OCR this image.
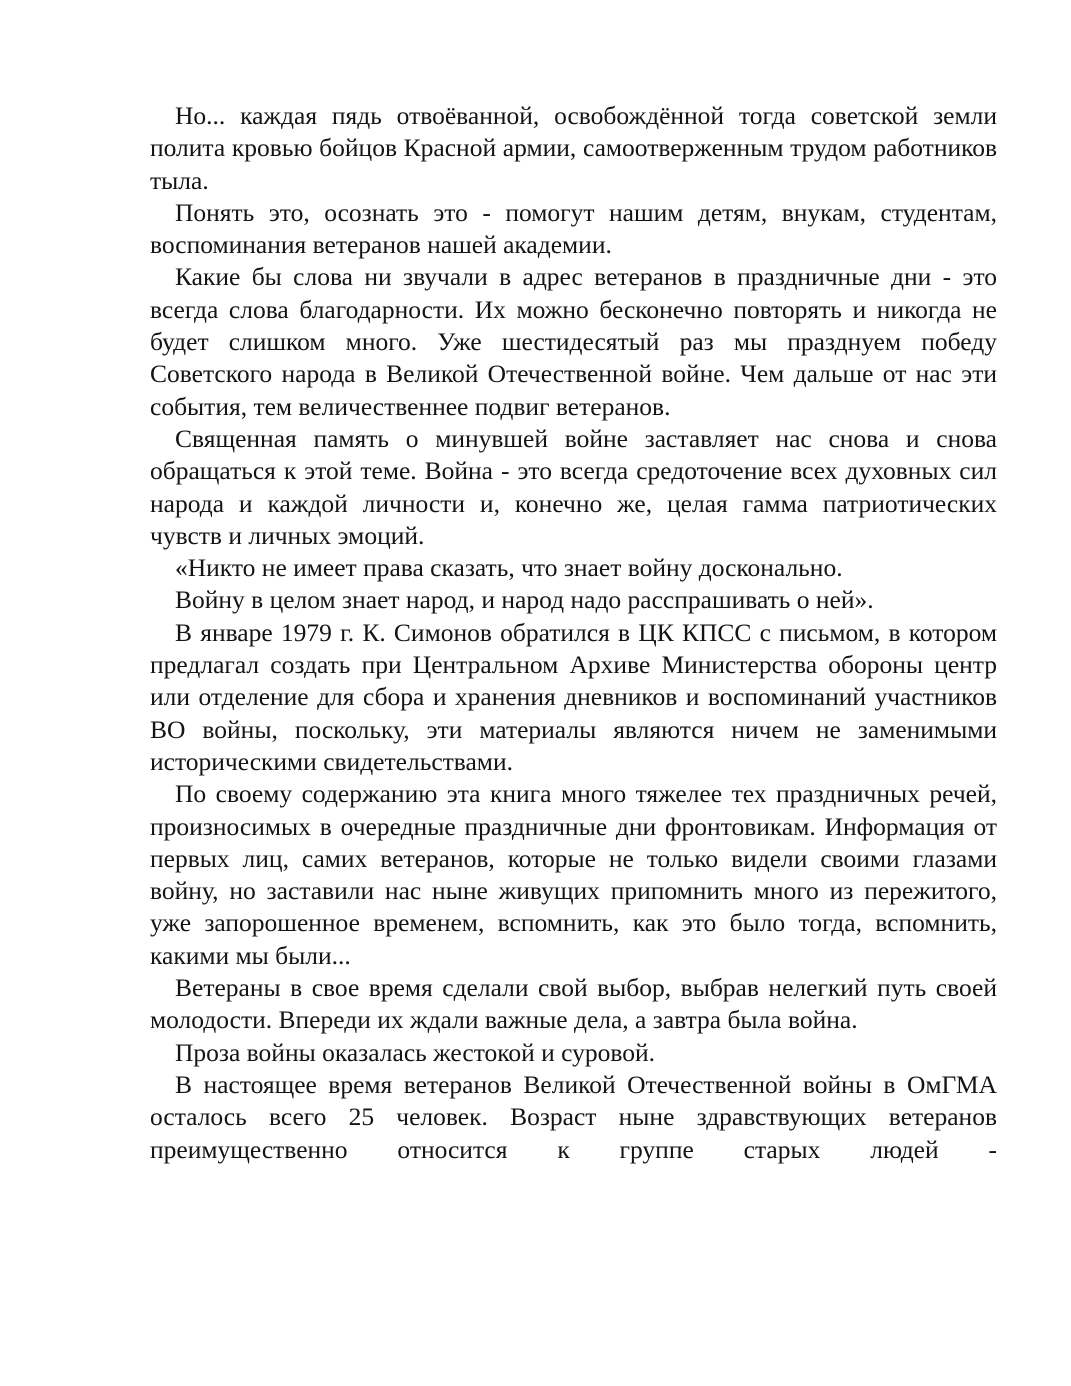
Но... каждая пядь отвоёванной, освобождённой тогда советской земли полита кровью бойцов Красной армии, самоотверженным трудом работников тыла.

Понять это, осознать это - помогут нашим детям, внукам, студентам, воспоминания ветеранов нашей академии.

Какие бы слова ни звучали в адрес ветеранов в праздничные дни - это всегда слова благодарности. Их можно бесконечно повторять и никогда не будет слишком много. Уже шестидесятый раз мы празднуем победу Советского народа в Великой Отечественной войне. Чем дальше от нас эти события, тем величественнее подвиг ветеранов.

Священная память о минувшей войне заставляет нас снова и снова обращаться к этой теме. Война - это всегда средоточение всех духовных сил народа и каждой личности и, конечно же, целая гамма патриотических чувств и личных эмоций.

«Никто не имеет права сказать, что знает войну досконально.

Войну в целом знает народ, и народ надо расспрашивать о ней».

В январе 1979 г. К. Симонов обратился в ЦК КПСС с письмом, в котором предлагал создать при Центральном Архиве Министерства обороны центр или отделение для сбора и хранения дневников и воспоминаний участников ВО войны, поскольку, эти материалы являются ничем не заменимыми историческими свидетельствами.

По своему содержанию эта книга много тяжелее тех праздничных речей, произносимых в очередные праздничные дни фронтовикам. Информация от первых лиц, самих ветеранов, которые не только видели своими глазами войну, но заставили нас ныне живущих припомнить много из пережитого, уже запорошенное временем, вспомнить, как это было тогда, вспомнить, какими мы были...

Ветераны в свое время сделали свой выбор, выбрав нелегкий путь своей молодости. Впереди их ждали важные дела, а завтра была война.

Проза войны оказалась жестокой и суровой.

В настоящее время ветеранов Великой Отечественной войны в ОмГМА осталось всего 25 человек. Возраст ныне здравствующих ветеранов преимущественно относится к группе старых людей -
